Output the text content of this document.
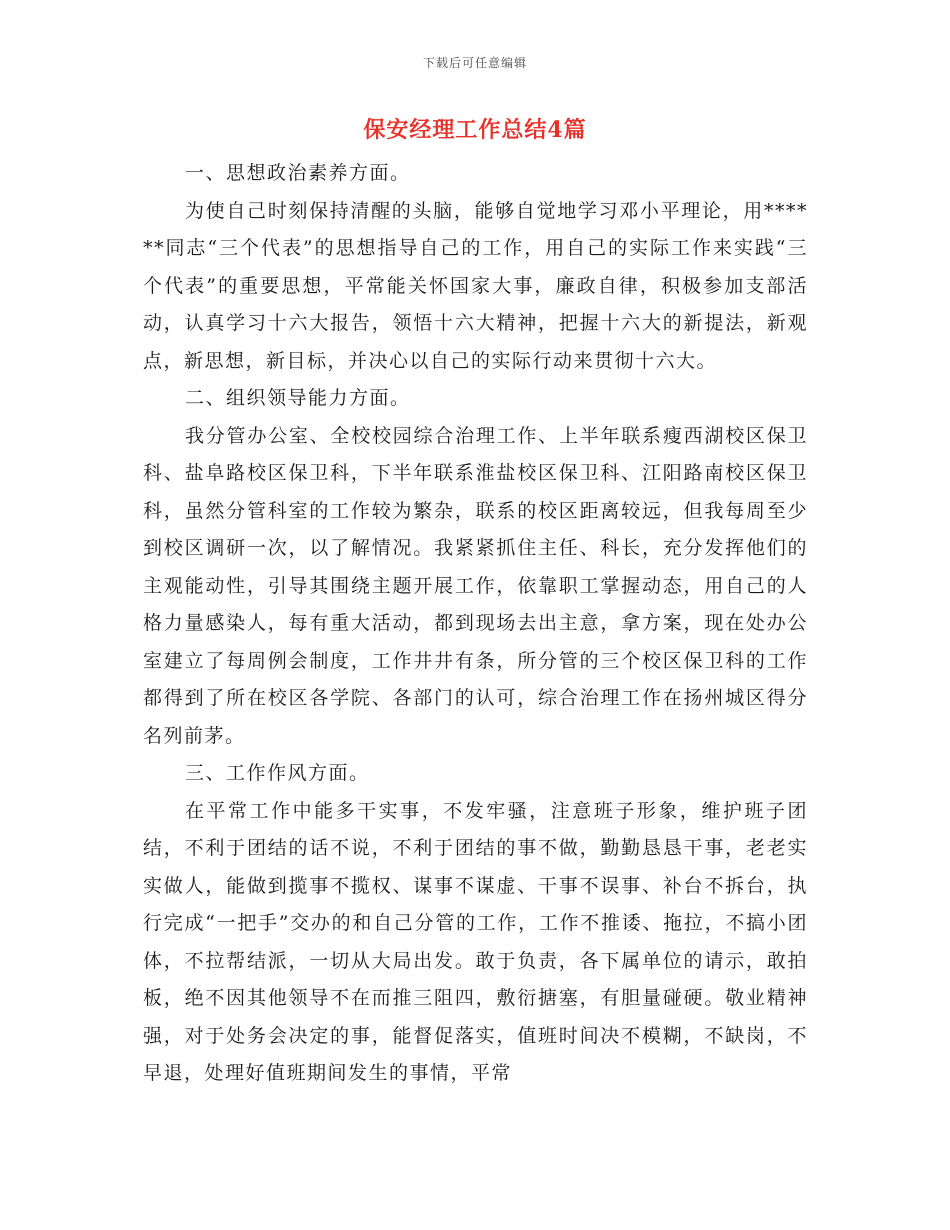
下载后可任意编辑
保安经理工作总结4篇

一、思想政治素养方面。

为使自己时刻保持清醒的头脑，能够自觉地学习邓小平理论，用******同志“三个代表”的思想指导自己的工作，用自己的实际工作来实践“三个代表”的重要思想，平常能关怀国家大事，廉政自律，积极参加支部活动，认真学习十六大报告，领悟十六大精神，把握十六大的新提法，新观点，新思想，新目标，并决心以自己的实际行动来贯彻十六大。

二、组织领导能力方面。

我分管办公室、全校校园综合治理工作、上半年联系瘦西湖校区保卫科、盐阜路校区保卫科，下半年联系淮盐校区保卫科、江阳路南校区保卫科，虽然分管科室的工作较为繁杂，联系的校区距离较远，但我每周至少到校区调研一次，以了解情况。我紧紧抓住主任、科长，充分发挥他们的主观能动性，引导其围绕主题开展工作，依靠职工掌握动态，用自己的人格力量感染人，每有重大活动，都到现场去出主意，拿方案，现在处办公室建立了每周例会制度，工作井井有条，所分管的三个校区保卫科的工作都得到了所在校区各学院、各部门的认可，综合治理工作在扬州城区得分名列前茅。

三、工作作风方面。

在平常工作中能多干实事，不发牢骚，注意班子形象，维护班子团结，不利于团结的话不说，不利于团结的事不做，勤勤恳恳干事，老老实实做人，能做到揽事不揽权、谋事不谋虚、干事不误事、补台不拆台，执行完成“一把手”交办的和自己分管的工作，工作不推诿、拖拉，不搞小团体，不拉帮结派，一切从大局出发。敢于负责，各下属单位的请示，敢拍板，绝不因其他领导不在而推三阻四，敷衍搪塞，有胆量碰硬。敬业精神强，对于处务会决定的事，能督促落实，值班时间决不模糊，不缺岗，不早退，处理好值班期间发生的事情，平常
